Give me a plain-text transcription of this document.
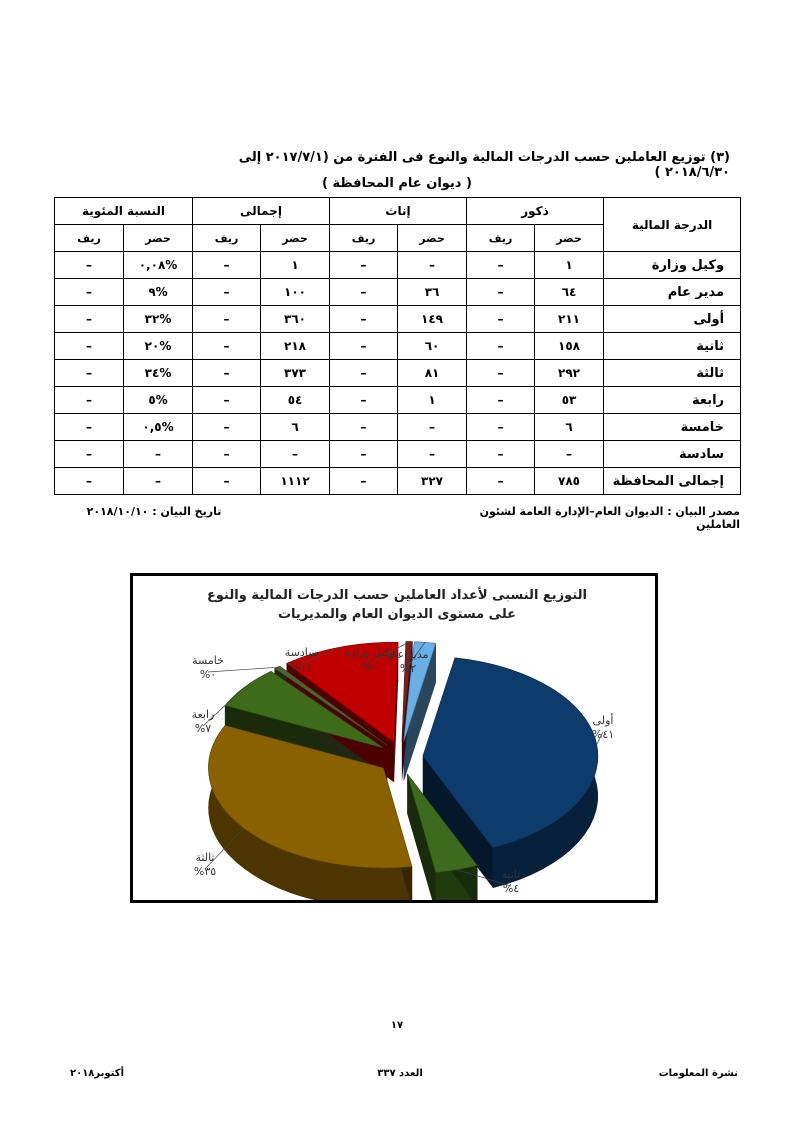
(٣) توزيع العاملين حسب الدرجات المالية والنوع فى الفترة من (٢٠١٧/٧/١ إلى ٢٠١٨/٦/٣٠ )
( ديوان عام المحافظة )
الدرجة المالية	ذكور		إناث		إجمالى		النسبة المئوية	
	حضر	ريف	حضر	ريف	حضر	ريف	حضر	ريف
وكيل وزارة	١	–	–	–	١	–	%٠,٠٨	–
مدير عام	٦٤	–	٣٦	–	١٠٠	–	%٩	–
أولى	٢١١	–	١٤٩	–	٣٦٠	–	%٣٢	–
ثانية	١٥٨	–	٦٠	–	٢١٨	–	%٢٠	–
ثالثة	٢٩٢	–	٨١	–	٣٧٣	–	%٣٤	–
رابعة	٥٣	–	١	–	٥٤	–	%٥	–
خامسة	٦	–	–	–	٦	–	%٠,٥	–
سادسة	–	–	–	–	–	–	–	–
إجمالى المحافظة	٧٨٥	–	٣٢٧	–	١١١٢	–	–	–
مصدر البيان : الديوان العام–الإدارة العامة لشئون العاملين
تاريخ البيان : ٢٠١٨/١٠/١٠
مدير عام
%٢
أولى
%٤١
ثانية
%٤
ثالثة
%٣٥
رابعة
%٧
خامسة
%٠
سادسة
%١١
وكيل وزارة
%٠
التوزيع النسبى لأعداد العاملين حسب الدرجات المالية والنوع على مستوى الديوان العام والمديريات
١٧
نشرة المعلومات
العدد ٣٣٧
أكتوبر٢٠١٨
